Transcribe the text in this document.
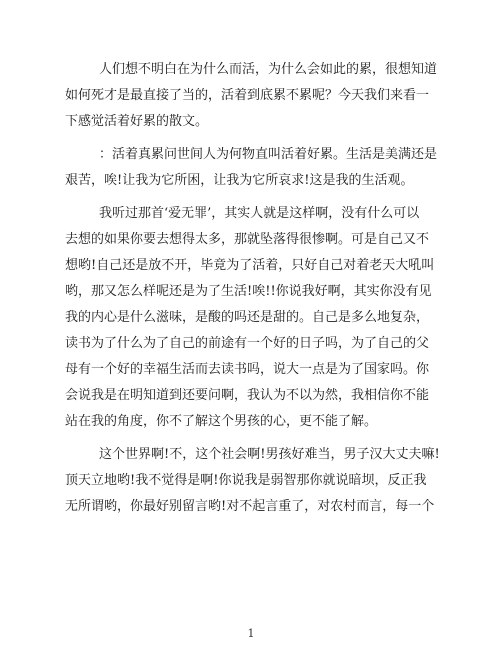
人们想不明白在为什么而活，为什么会如此的累，很想知道
如何死才是最直接了当的，活着到底累不累呢？今天我们来看一
下感觉活着好累的散文。
：活着真累问世间人为何物直叫活着好累。生活是美满还是
艰苦，唉!让我为它所困，让我为它所哀求!这是我的生活观。
我听过那首‘爱无罪’，其实人就是这样啊，没有什么可以
去想的如果你要去想得太多，那就坠落得很惨啊。可是自己又不
想哟!自己还是放不开，毕竟为了活着，只好自己对着老天大吼叫
哟，那又怎么样呢还是为了生活!唉!!你说我好啊，其实你没有见
我的内心是什么滋味，是酸的吗还是甜的。自己是多么地复杂，
读书为了什么为了自己的前途有一个好的日子吗，为了自己的父
母有一个好的幸福生活而去读书吗，说大一点是为了国家吗。你
会说我是在明知道到还要问啊，我认为不以为然，我相信你不能
站在我的角度，你不了解这个男孩的心，更不能了解。
这个世界啊!不，这个社会啊!男孩好难当，男子汉大丈夫嘛!
顶天立地哟!我不觉得是啊!你说我是弱智那你就说暗坝，反正我
无所谓哟，你最好别留言哟!对不起言重了，对农村而言，每一个
1
